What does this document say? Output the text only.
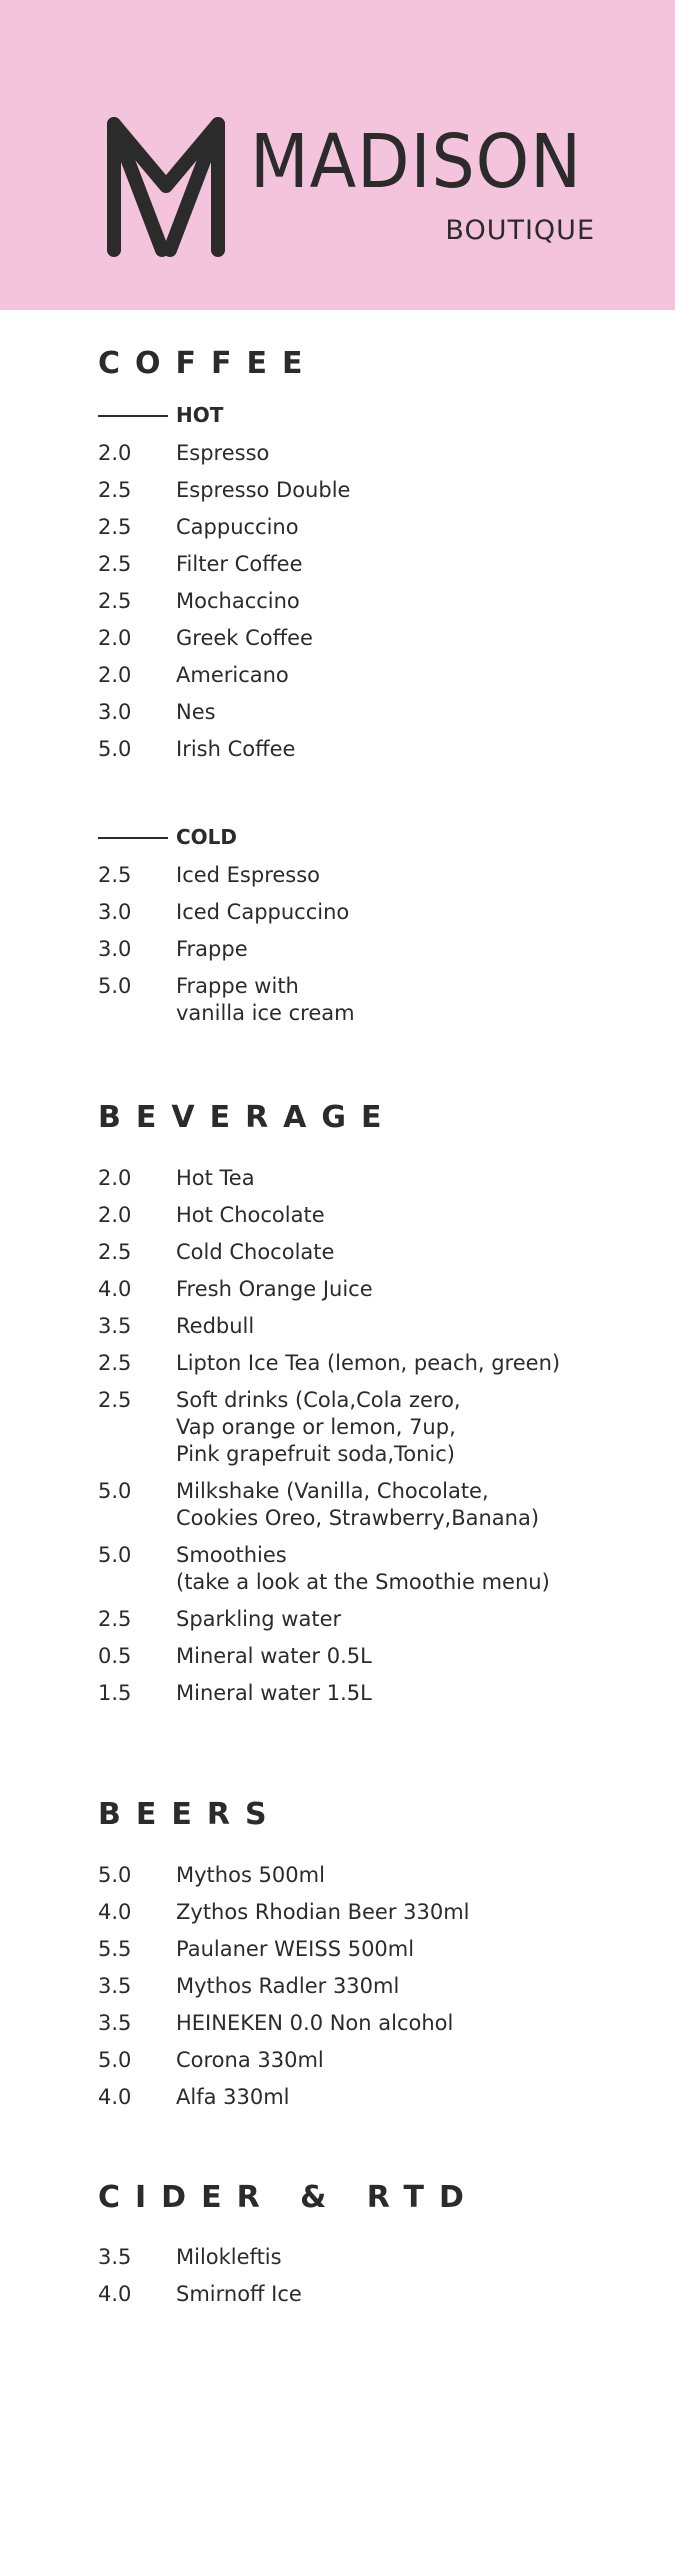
MADISON
BOUTIQUE
COFFEE
HOT
2.0	Espresso
2.5	Espresso Double
2.5	Cappuccino
2.5	Filter Coffee
2.5	Mochaccino
2.0	Greek Coffee
2.0	Americano
3.0	Nes
5.0	Irish Coffee
COLD
2.5	Iced Espresso
3.0	Iced Cappuccino
3.0	Frappe
5.0	Frappe with
vanilla ice cream
BEVERAGE
2.0	Hot Tea
2.0	Hot Chocolate
2.5	Cold Chocolate
4.0	Fresh Orange Juice
3.5	Redbull
2.5	Lipton Ice Tea (lemon, peach, green)
2.5	Soft drinks (Cola,Cola zero,
Vap orange or lemon, 7up,
Pink grapefruit soda,Tonic)
5.0	Milkshake (Vanilla, Chocolate,
Cookies Oreo, Strawberry,Banana)
5.0	Smoothies
(take a look at the Smoothie menu)
2.5	Sparkling water
0.5	Mineral water 0.5L
1.5	Mineral water 1.5L
BEERS
5.0	Mythos 500ml
4.0	Zythos Rhodian Beer 330ml
5.5	Paulaner WEISS 500ml
3.5	Mythos Radler 330ml
3.5	HEINEKEN 0.0 Non alcohol
5.0	Corona 330ml
4.0	Alfa 330ml
CIDER & RTD
3.5	Milokleftis
4.0	Smirnoff Ice
